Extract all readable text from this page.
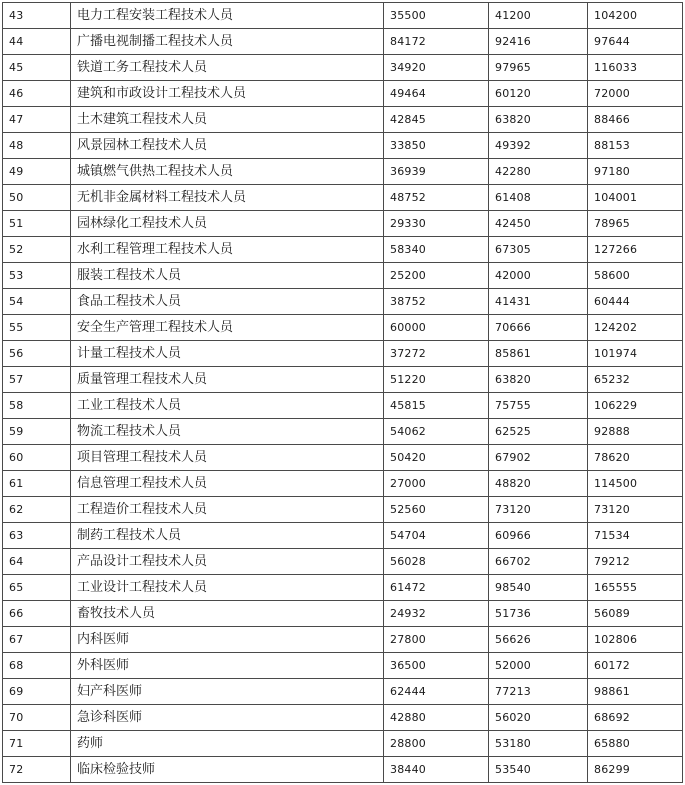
43	电力工程安装工程技术人员	35500	41200	104200
44	广播电视制播工程技术人员	84172	92416	97644
45	铁道工务工程技术人员	34920	97965	116033
46	建筑和市政设计工程技术人员	49464	60120	72000
47	土木建筑工程技术人员	42845	63820	88466
48	风景园林工程技术人员	33850	49392	88153
49	城镇燃气供热工程技术人员	36939	42280	97180
50	无机非金属材料工程技术人员	48752	61408	104001
51	园林绿化工程技术人员	29330	42450	78965
52	水利工程管理工程技术人员	58340	67305	127266
53	服装工程技术人员	25200	42000	58600
54	食品工程技术人员	38752	41431	60444
55	安全生产管理工程技术人员	60000	70666	124202
56	计量工程技术人员	37272	85861	101974
57	质量管理工程技术人员	51220	63820	65232
58	工业工程技术人员	45815	75755	106229
59	物流工程技术人员	54062	62525	92888
60	项目管理工程技术人员	50420	67902	78620
61	信息管理工程技术人员	27000	48820	114500
62	工程造价工程技术人员	52560	73120	73120
63	制药工程技术人员	54704	60966	71534
64	产品设计工程技术人员	56028	66702	79212
65	工业设计工程技术人员	61472	98540	165555
66	畜牧技术人员	24932	51736	56089
67	内科医师	27800	56626	102806
68	外科医师	36500	52000	60172
69	妇产科医师	62444	77213	98861
70	急诊科医师	42880	56020	68692
71	药师	28800	53180	65880
72	临床检验技师	38440	53540	86299
